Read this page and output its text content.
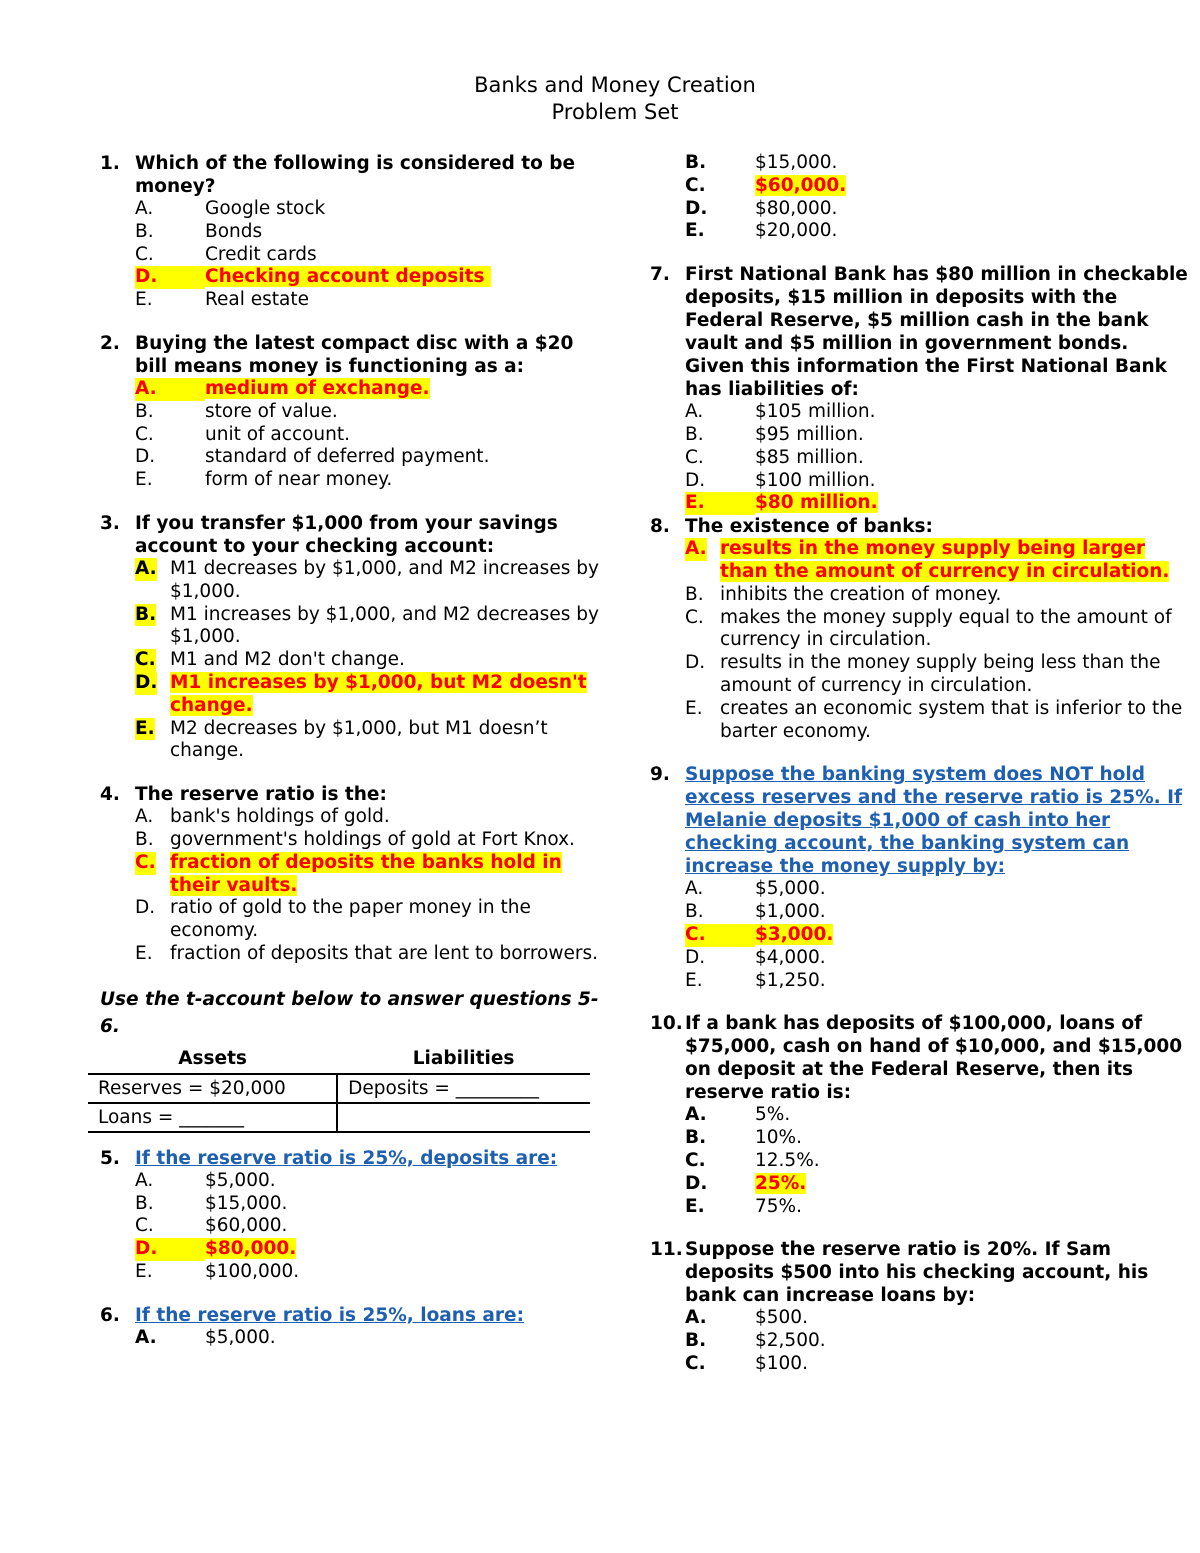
Banks and Money Creation
Problem Set
1. Which of the following is considered to be money?
A.	Google stock
B.	Bonds
C.	Credit cards
D.	Checking account deposits
E.	Real estate
2. Buying the latest compact disc with a $20 bill means money is functioning as a:
A.	medium of exchange.
B.	store of value.
C.	unit of account.
D.	standard of deferred payment.
E.	form of near money.
3. If you transfer $1,000 from your savings account to your checking account:
A. M1 decreases by $1,000, and M2 increases by $1,000.
B. M1 increases by $1,000, and M2 decreases by $1,000.
C. M1 and M2 don't change.
D. M1 increases by $1,000, but M2 doesn't change.
E. M2 decreases by $1,000, but M1 doesn’t change.
4. The reserve ratio is the:
A. bank's holdings of gold.
B. government's holdings of gold at Fort Knox.
C. fraction of deposits the banks hold in their vaults.
D. ratio of gold to the paper money in the economy.
E. fraction of deposits that are lent to borrowers.
Use the t-account below to answer questions 5-6.
Assets	Liabilities
Reserves = $20,000	Deposits = _________
Loans = _______	
5. If the reserve ratio is 25%, deposits are:
A.	$5,000.
B.	$15,000.
C.	$60,000.
D.	$80,000.
E.	$100,000.
6. If the reserve ratio is 25%, loans are:
A.	$5,000.
B.	$15,000.
C.	$60,000.
D.	$80,000.
E.	$20,000.
7. First National Bank has $80 million in checkable deposits, $15 million in deposits with the Federal Reserve, $5 million cash in the bank vault and $5 million in government bonds. Given this information the First National Bank has liabilities of:
A.	$105 million.
B.	$95 million.
C.	$85 million.
D.	$100 million.
E.	$80 million.
8. The existence of banks:
A. results in the money supply being larger than the amount of currency in circulation.
B. inhibits the creation of money.
C. makes the money supply equal to the amount of currency in circulation.
D. results in the money supply being less than the amount of currency in circulation.
E. creates an economic system that is inferior to the barter economy.
9. Suppose the banking system does NOT hold excess reserves and the reserve ratio is 25%. If Melanie deposits $1,000 of cash into her checking account, the banking system can increase the money supply by:
A.	$5,000.
B.	$1,000.
C.	$3,000.
D.	$4,000.
E.	$1,250.
10. If a bank has deposits of $100,000, loans of $75,000, cash on hand of $10,000, and $15,000 on deposit at the Federal Reserve, then its reserve ratio is:
A.	5%.
B.	10%.
C.	12.5%.
D.	25%.
E.	75%.
11. Suppose the reserve ratio is 20%. If Sam deposits $500 into his checking account, his bank can increase loans by:
A.	$500.
B.	$2,500.
C.	$100.
